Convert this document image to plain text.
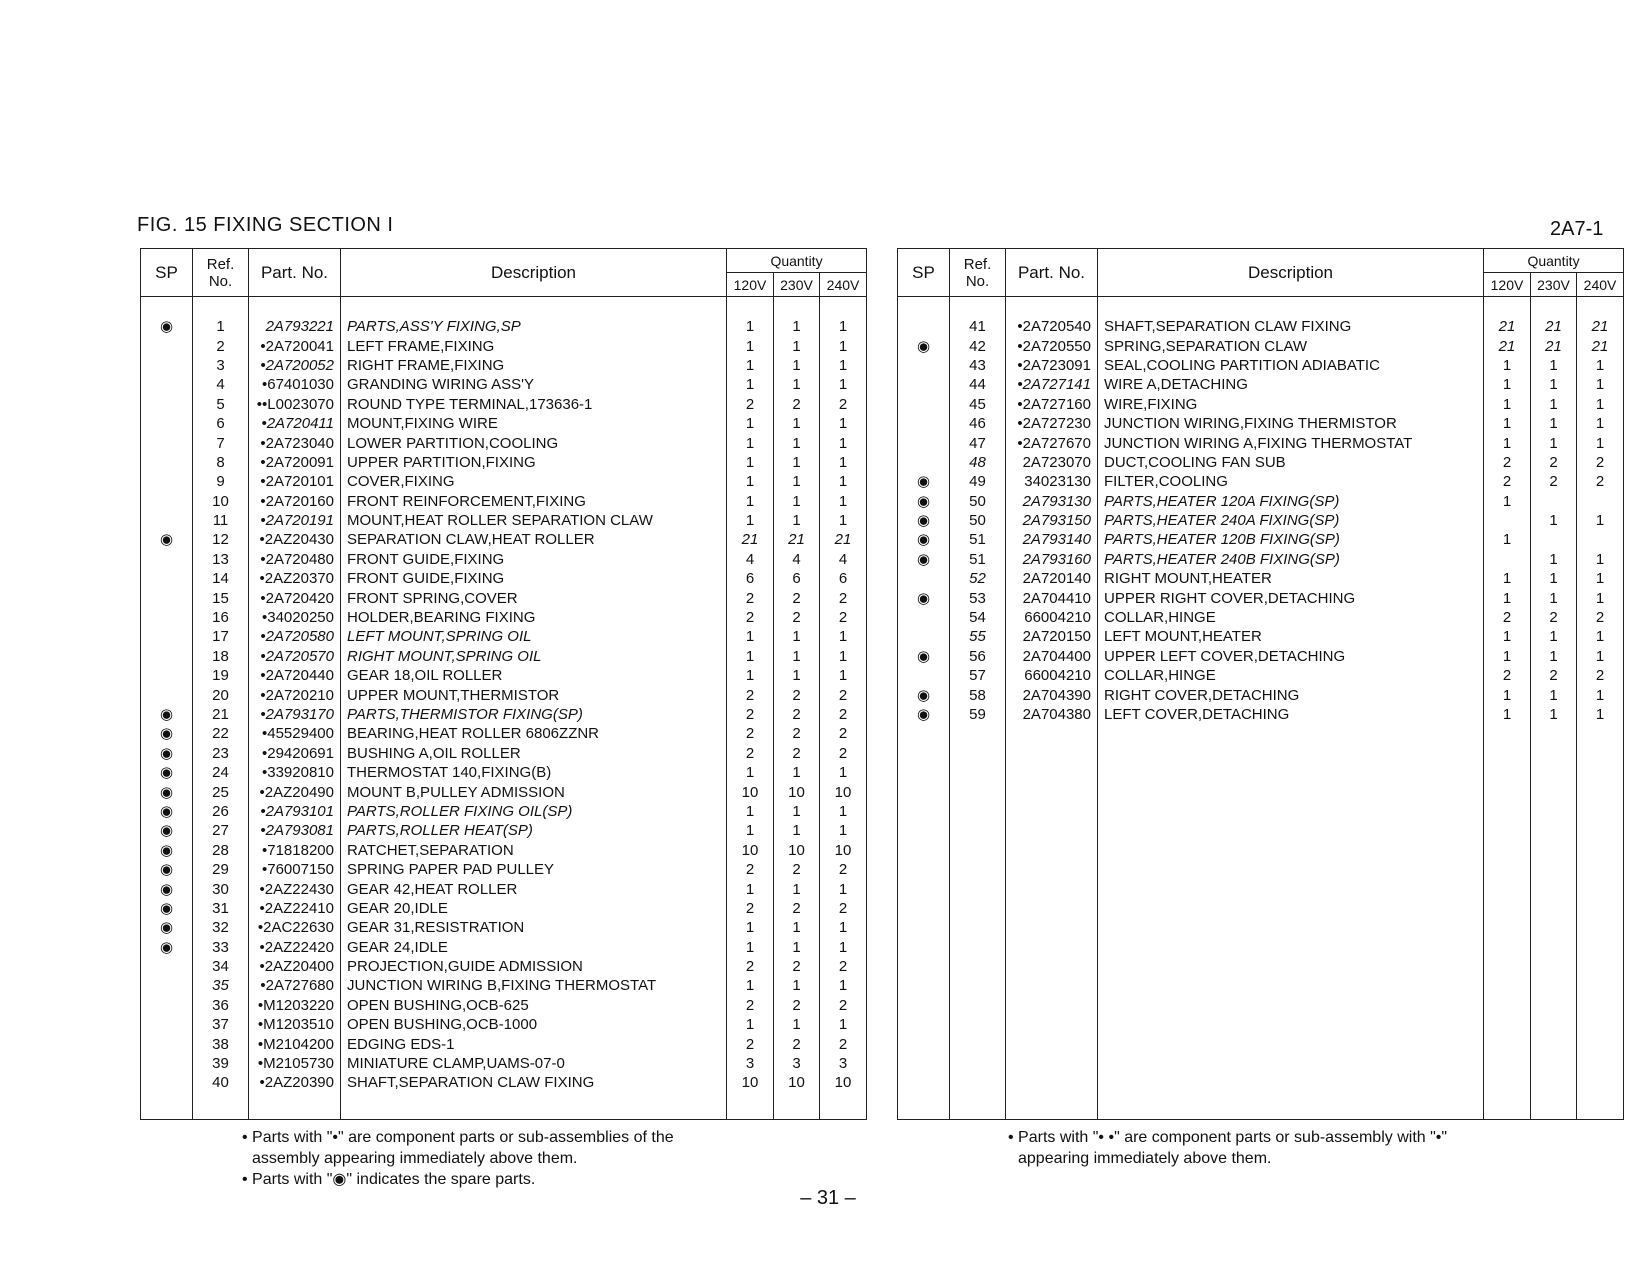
FIG. 15 FIXING SECTION I	2A7-1
SP	Ref.
No.	Part. No.	Description	Quantity		
				120V	230V	240V

◉	1	2A793221	PARTS,ASS'Y FIXING,SP	1	1	1
	2	•2A720041	LEFT FRAME,FIXING	1	1	1
	3	•2A720052	RIGHT FRAME,FIXING	1	1	1
	4	•67401030	GRANDING WIRING ASS'Y	1	1	1
	5	••L0023070	ROUND TYPE TERMINAL,173636-1	2	2	2
	6	•2A720411	MOUNT,FIXING WIRE	1	1	1
	7	•2A723040	LOWER PARTITION,COOLING	1	1	1
	8	•2A720091	UPPER PARTITION,FIXING	1	1	1
	9	•2A720101	COVER,FIXING	1	1	1
	10	•2A720160	FRONT REINFORCEMENT,FIXING	1	1	1
	11	•2A720191	MOUNT,HEAT ROLLER SEPARATION CLAW	1	1	1
◉	12	•2AZ20430	SEPARATION CLAW,HEAT ROLLER	21	21	21
	13	•2A720480	FRONT GUIDE,FIXING	4	4	4
	14	•2AZ20370	FRONT GUIDE,FIXING	6	6	6
	15	•2A720420	FRONT SPRING,COVER	2	2	2
	16	•34020250	HOLDER,BEARING FIXING	2	2	2
	17	•2A720580	LEFT MOUNT,SPRING OIL	1	1	1
	18	•2A720570	RIGHT MOUNT,SPRING OIL	1	1	1
	19	•2A720440	GEAR 18,OIL ROLLER	1	1	1
	20	•2A720210	UPPER MOUNT,THERMISTOR	2	2	2
◉	21	•2A793170	PARTS,THERMISTOR FIXING(SP)	2	2	2
◉	22	•45529400	BEARING,HEAT ROLLER 6806ZZNR	2	2	2
◉	23	•29420691	BUSHING A,OIL ROLLER	2	2	2
◉	24	•33920810	THERMOSTAT 140,FIXING(B)	1	1	1
◉	25	•2AZ20490	MOUNT B,PULLEY ADMISSION	10	10	10
◉	26	•2A793101	PARTS,ROLLER FIXING OIL(SP)	1	1	1
◉	27	•2A793081	PARTS,ROLLER HEAT(SP)	1	1	1
◉	28	•71818200	RATCHET,SEPARATION	10	10	10
◉	29	•76007150	SPRING PAPER PAD PULLEY	2	2	2
◉	30	•2AZ22430	GEAR 42,HEAT ROLLER	1	1	1
◉	31	•2AZ22410	GEAR 20,IDLE	2	2	2
◉	32	•2AC22630	GEAR 31,RESISTRATION	1	1	1
◉	33	•2AZ22420	GEAR 24,IDLE	1	1	1
	34	•2AZ20400	PROJECTION,GUIDE ADMISSION	2	2	2
	35	•2A727680	JUNCTION WIRING B,FIXING THERMOSTAT	1	1	1
	36	•M1203220	OPEN BUSHING,OCB-625	2	2	2
	37	•M1203510	OPEN BUSHING,OCB-1000	1	1	1
	38	•M2104200	EDGING EDS-1	2	2	2
	39	•M2105730	MINIATURE CLAMP,UAMS-07-0	3	3	3
	40	•2AZ20390	SHAFT,SEPARATION CLAW FIXING	10	10	10

SP	Ref.
No.	Part. No.	Description	Quantity		
				120V	230V	240V

	41	•2A720540	SHAFT,SEPARATION CLAW FIXING	21	21	21
◉	42	•2A720550	SPRING,SEPARATION CLAW	21	21	21
	43	•2A723091	SEAL,COOLING PARTITION ADIABATIC	1	1	1
	44	•2A727141	WIRE A,DETACHING	1	1	1
	45	•2A727160	WIRE,FIXING	1	1	1
	46	•2A727230	JUNCTION WIRING,FIXING THERMISTOR	1	1	1
	47	•2A727670	JUNCTION WIRING A,FIXING THERMOSTAT	1	1	1
	48	2A723070	DUCT,COOLING FAN SUB	2	2	2
◉	49	34023130	FILTER,COOLING	2	2	2
◉	50	2A793130	PARTS,HEATER 120A FIXING(SP)	1		
◉	50	2A793150	PARTS,HEATER 240A FIXING(SP)		1	1
◉	51	2A793140	PARTS,HEATER 120B FIXING(SP)	1		
◉	51	2A793160	PARTS,HEATER 240B FIXING(SP)		1	1
	52	2A720140	RIGHT MOUNT,HEATER	1	1	1
◉	53	2A704410	UPPER RIGHT COVER,DETACHING	1	1	1
	54	66004210	COLLAR,HINGE	2	2	2
	55	2A720150	LEFT MOUNT,HEATER	1	1	1
◉	56	2A704400	UPPER LEFT COVER,DETACHING	1	1	1
	57	66004210	COLLAR,HINGE	2	2	2
◉	58	2A704390	RIGHT COVER,DETACHING	1	1	1
◉	59	2A704380	LEFT COVER,DETACHING	1	1	1

• Parts with "•" are component parts or sub-assemblies of the
assembly appearing immediately above them.
• Parts with "◉" indicates the spare parts.
• Parts with "• •" are component parts or sub-assembly with "•"
appearing immediately above them.
– 31 –
